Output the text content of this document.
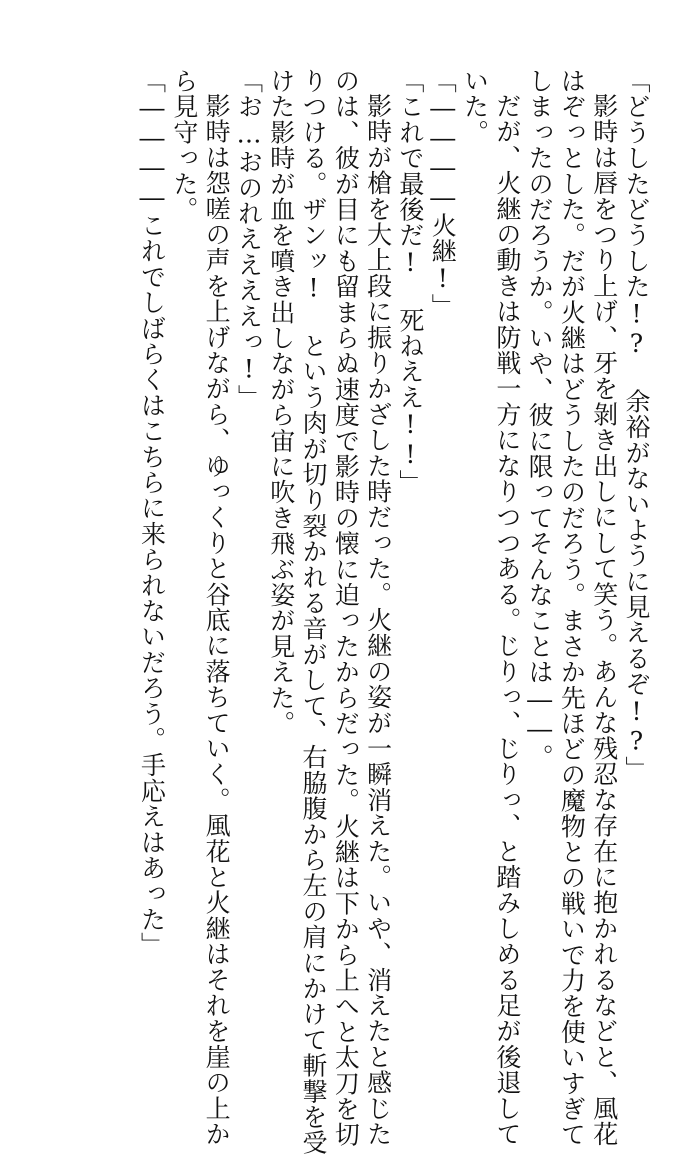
「どうしたどうした!? 余裕がないように見えるぞ!?」
影時は唇をつり上げ、牙を剝き出しにして笑う。あんな残忍な存在に抱かれるなどと、風花
はぞっとした。だが火継はどうしたのだろう。まさか先ほどの魔物との戦いで力を使いすぎて
しまったのだろうか。いや、彼に限ってそんなことは――。
だが、火継の動きは防戦一方になりつつある。じりっ、じりっ、と踏みしめる足が後退して
いた。
「――――火継!」
「これで最後だ! 死ねええ!!」
影時が槍を大上段に振りかざした時だった。火継の姿が一瞬消えた。いや、消えたと感じた
のは、彼が目にも留まらぬ速度で影時の懐に迫ったからだった。火継は下から上へと太刀を切
りつける。ザンッ! という肉が切り裂かれる音がして、右脇腹から左の肩にかけて斬撃を受
けた影時が血を噴き出しながら宙に吹き飛ぶ姿が見えた。
「お…おのれええええっ!」
影時は怨嗟の声を上げながら、ゆっくりと谷底に落ちていく。風花と火継はそれを崖の上か
ら見守った。
「――――これでしばらくはこちらに来られないだろう。手応えはあった」
